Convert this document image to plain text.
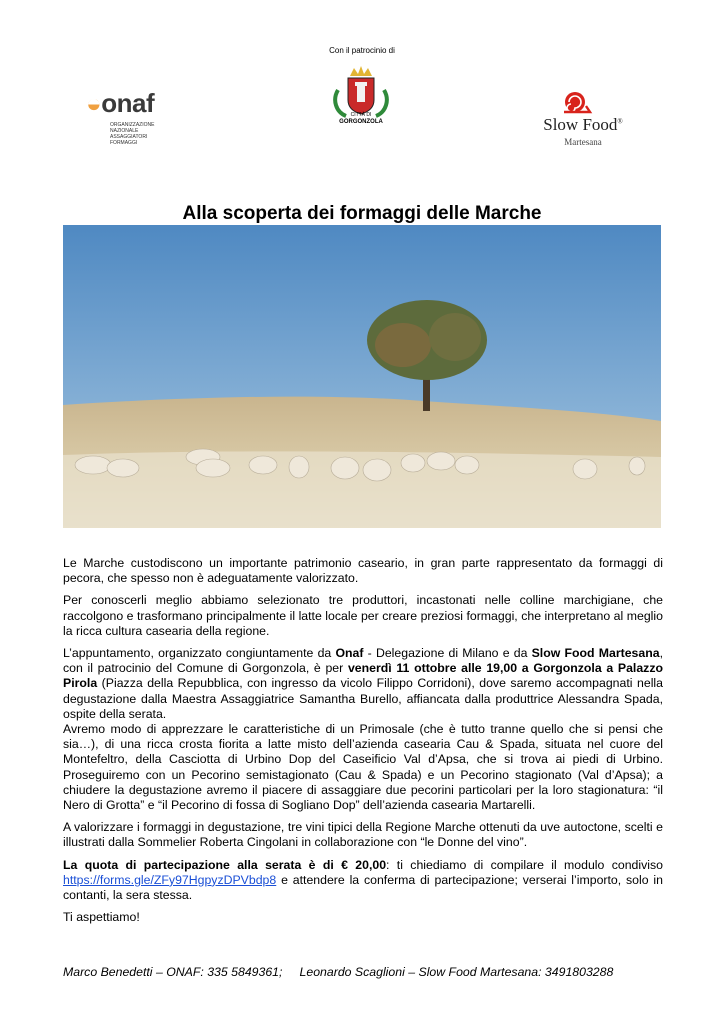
Con il patrocinio di
◒onaf
ORGANIZZAZIONE
NAZIONALE
ASSAGGIATORI
FORMAGGI
CITTÀ DI
GORGONZOLA	Slow Food®
Martesana
Alla scoperta dei formaggi delle Marche

Le Marche custodiscono un importante patrimonio caseario, in gran parte rappresentato da formaggi di pecora, che spesso non è adeguatamente valorizzato.

Per conoscerli meglio abbiamo selezionato tre produttori, incastonati nelle colline marchigiane, che raccolgono e trasformano principalmente il latte locale per creare preziosi formaggi, che interpretano al meglio la ricca cultura casearia della regione.

L’appuntamento, organizzato congiuntamente da Onaf - Delegazione di Milano e da Slow Food Martesana, con il patrocinio del Comune di Gorgonzola, è per venerdì 11 ottobre alle 19,00 a Gorgonzola a Palazzo Pirola (Piazza della Repubblica, con ingresso da vicolo Filippo Corridoni), dove saremo accompagnati nella degustazione dalla Maestra Assaggiatrice Samantha Burello, affiancata dalla produttrice Alessandra Spada, ospite della serata.

Avremo modo di apprezzare le caratteristiche di un Primosale (che è tutto tranne quello che si pensi che sia…), di una ricca crosta fiorita a latte misto dell’azienda casearia Cau & Spada, situata nel cuore del Montefeltro, della Casciotta di Urbino Dop del Caseificio Val d’Apsa, che si trova ai piedi di Urbino. Proseguiremo con un Pecorino semistagionato (Cau & Spada) e un Pecorino stagionato (Val d’Apsa); a chiudere la degustazione avremo il piacere di assaggiare due pecorini particolari per la loro stagionatura: “il Nero di Grotta” e “il Pecorino di fossa di Sogliano Dop” dell’azienda casearia Martarelli.

A valorizzare i formaggi in degustazione, tre vini tipici della Regione Marche ottenuti da uve autoctone, scelti e illustrati dalla Sommelier Roberta Cingolani in collaborazione con “le Donne del vino”.

La quota di partecipazione alla serata è di € 20,00: ti chiediamo di compilare il modulo condiviso https://forms.gle/ZFy97HgpyzDPVbdp8 e attendere la conferma di partecipazione; verserai l’importo, solo in contanti, la sera stessa.

Ti aspettiamo!

Marco Benedetti – ONAF: 335 5849361; Leonardo Scaglioni – Slow Food Martesana: 3491803288
